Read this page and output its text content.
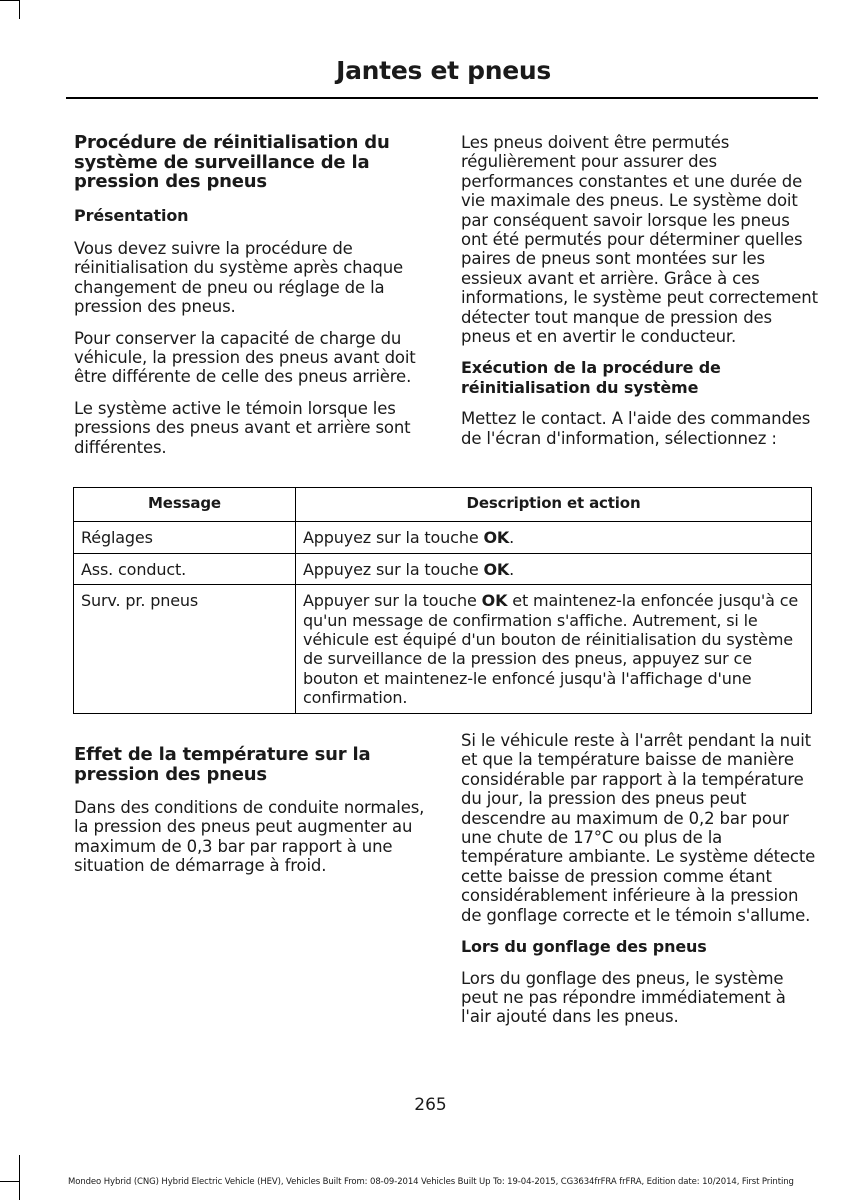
Jantes et pneus
Procédure de réinitialisation du système de surveillance de la pression des pneus
Présentation

Vous devez suivre la procédure de réinitialisation du système après chaque changement de pneu ou réglage de la pression des pneus.

Pour conserver la capacité de charge du véhicule, la pression des pneus avant doit être différente de celle des pneus arrière.

Le système active le témoin lorsque les pressions des pneus avant et arrière sont différentes.

Les pneus doivent être permutés régulièrement pour assurer des performances constantes et une durée de vie maximale des pneus. Le système doit par conséquent savoir lorsque les pneus ont été permutés pour déterminer quelles paires de pneus sont montées sur les essieux avant et arrière. Grâce à ces informations, le système peut correctement détecter tout manque de pression des pneus et en avertir le conducteur.

Exécution de la procédure de réinitialisation du système

Mettez le contact. A l'aide des commandes de l'écran d'information, sélectionnez :

Message	Description et action
Réglages	Appuyez sur la touche OK.
Ass. conduct.	Appuyez sur la touche OK.
Surv. pr. pneus	Appuyer sur la touche OK et maintenez-la enfoncée jusqu'à ce qu'un message de confirmation s'affiche. Autrement, si le véhicule est équipé d'un bouton de réinitialisation du système de surveillance de la pression des pneus, appuyez sur ce bouton et maintenez-le enfoncé jusqu'à l'affichage d'une confirmation.
Effet de la température sur la pression des pneus

Dans des conditions de conduite normales, la pression des pneus peut augmenter au maximum de 0,3 bar par rapport à une situation de démarrage à froid.

Si le véhicule reste à l'arrêt pendant la nuit et que la température baisse de manière considérable par rapport à la température du jour, la pression des pneus peut descendre au maximum de 0,2 bar pour une chute de 17°C ou plus de la température ambiante. Le système détecte cette baisse de pression comme étant considérablement inférieure à la pression de gonflage correcte et le témoin s'allume.

Lors du gonflage des pneus

Lors du gonflage des pneus, le système peut ne pas répondre immédiatement à l'air ajouté dans les pneus.

265
Mondeo Hybrid (CNG) Hybrid Electric Vehicle (HEV), Vehicles Built From: 08-09-2014 Vehicles Built Up To: 19-04-2015, CG3634frFRA frFRA, Edition date: 10/2014, First Printing
